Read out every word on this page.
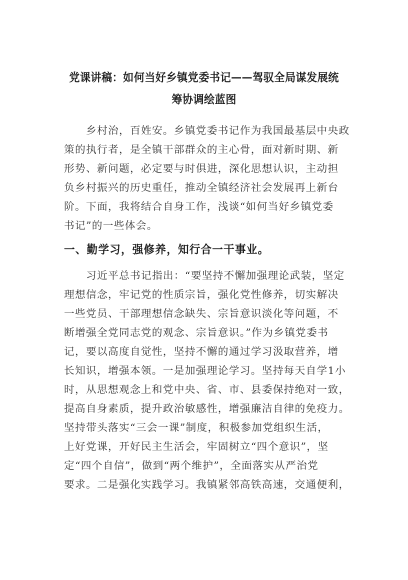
党课讲稿：如何当好乡镇党委书记——驾驭全局谋发展统
筹协调绘蓝图
乡村治，百姓安。乡镇党委书记作为我国最基层中央政
策的执行者，是全镇干部群众的主心骨，面对新时期、新
形势、新问题，必定要与时俱进，深化思想认识，主动担
负乡村振兴的历史重任，推动全镇经济社会发展再上新台
阶。下面，我将结合自身工作，浅谈“如何当好乡镇党委
书记”的一些体会。
一、勤学习，强修养，知行合一干事业。
习近平总书记指出：“要坚持不懈加强理论武装，坚定
理想信念，牢记党的性质宗旨，强化党性修养，切实解决
一些党员、干部理想信念缺失、宗旨意识淡化等问题，不
断增强全党同志党的观念、宗旨意识。”作为乡镇党委书
记，要以高度自觉性，坚持不懈的通过学习汲取营养，增
长知识，增强本领。一是加强理论学习。坚持每天自学1小
时，从思想观念上和党中央、省、市、县委保持绝对一致，
提高自身素质，提升政治敏感性，增强廉洁自律的免疫力。
坚持带头落实“三会一课”制度，积极参加党组织生活，
上好党课，开好民主生活会，牢固树立“四个意识”，坚
定“四个自信”，做到“两个维护”，全面落实从严治党
要求。二是强化实践学习。我镇紧邻高铁高速，交通便利，
